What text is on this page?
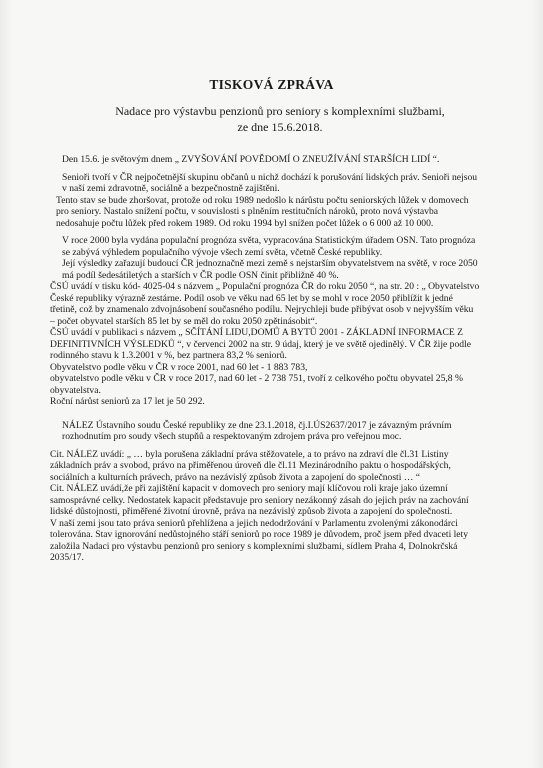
TISKOVÁ ZPRÁVA
Nadace pro výstavbu penzionů pro seniory s komplexními službami,
ze dne 15.6.2018.

Den 15.6. je světovým dnem „ ZVYŠOVÁNÍ POVĚDOMÍ O ZNEUŽÍVÁNÍ STARŠÍCH LIDÍ “.

Senioři tvoří v ČR nejpočetnější skupinu občanů u nichž dochází k porušování lidských práv. Senioři nejsou v naší zemi zdravotně, sociálně a bezpečnostně zajištěni.

Tento stav se bude zhoršovat, protože od roku 1989 nedošlo k nárůstu počtu seniorských lůžek v domovech pro seniory. Nastalo snížení počtu, v souvislosti s plněním restitučních nároků, proto nová výstavba nedosahuje počtu lůžek před rokem 1989. Od roku 1994 byl snížen počet lůžek o 6 000 až 10 000.

V roce 2000 byla vydána populační prognóza světa, vypracována Statistickým úřadem OSN. Tato prognóza se zabývá výhledem populačního vývoje všech zemí světa, včetně České republiky.

Její výsledky zařazují budoucí ČR jednoznačně mezi země s nejstarším obyvatelstvem na světě, v roce 2050 má podíl šedesátiletých a starších v ČR podle OSN činit přibližně 40 %.

ČSÚ uvádí v tisku kód- 4025-04 s názvem „ Populační prognóza ČR do roku 2050 “, na str. 20 : „ Obyvatelstvo České republiky výrazně zestárne. Podíl osob ve věku nad 65 let by se mohl v roce 2050 přiblížit k jedné třetině, což by znamenalo zdvojnásobení současného podílu. Nejrychleji bude přibývat osob v nejvyšším věku – počet obyvatel starších 85 let by se měl do roku 2050 zpětinásobit“.

ČSÚ uvádí v publikaci s názvem „ SČÍTÁNÍ LIDU,DOMŮ A BYTŮ 2001 - ZÁKLADNÍ INFORMACE Z DEFINITIVNÍCH VÝSLEDKŮ “, v červenci 2002 na str. 9 údaj, který je ve světě ojedinělý. V ČR žije podle rodinného stavu k 1.3.2001 v %, bez partnera 83,2 % seniorů.

Obyvatelstvo podle věku v ČR v roce 2001, nad 60 let - 1 883 783,

obyvatelstvo podle věku v ČR v roce 2017, nad 60 let - 2 738 751, tvoří z celkového počtu obyvatel 25,8 % obyvatelstva.

Roční nárůst seniorů za 17 let je 50 292.

NÁLEZ Ústavního soudu České republiky ze dne 23.1.2018, čj.I.ÚS2637/2017 je závazným právním rozhodnutím pro soudy všech stupňů a respektovaným zdrojem práva pro veřejnou moc.

Cit. NÁLEZ uvádí: „ … byla porušena základní práva stěžovatele, a to právo na zdraví dle čl.31 Listiny základních práv a svobod, právo na přiměřenou úroveň dle čl.11 Mezinárodního paktu o hospodářských, sociálních a kulturních právech, právo na nezávislý způsob života a zapojení do společnosti … “

Cit. NÁLEZ uvádí,že při zajištění kapacit v domovech pro seniory mají klíčovou roli kraje jako územní samosprávné celky. Nedostatek kapacit představuje pro seniory nezákonný zásah do jejich práv na zachování lidské důstojnosti, přiměřené životní úrovně, práva na nezávislý způsob života a zapojení do společnosti.

V naší zemi jsou tato práva seniorů přehlížena a jejich nedodržování v Parlamentu zvolenými zákonodárci tolerována. Stav ignorování nedůstojného stáří seniorů po roce 1989 je důvodem, proč jsem před dvaceti lety založila Nadaci pro výstavbu penzionů pro seniory s komplexními službami, sídlem Praha 4, Dolnokrčská 2035/17.
